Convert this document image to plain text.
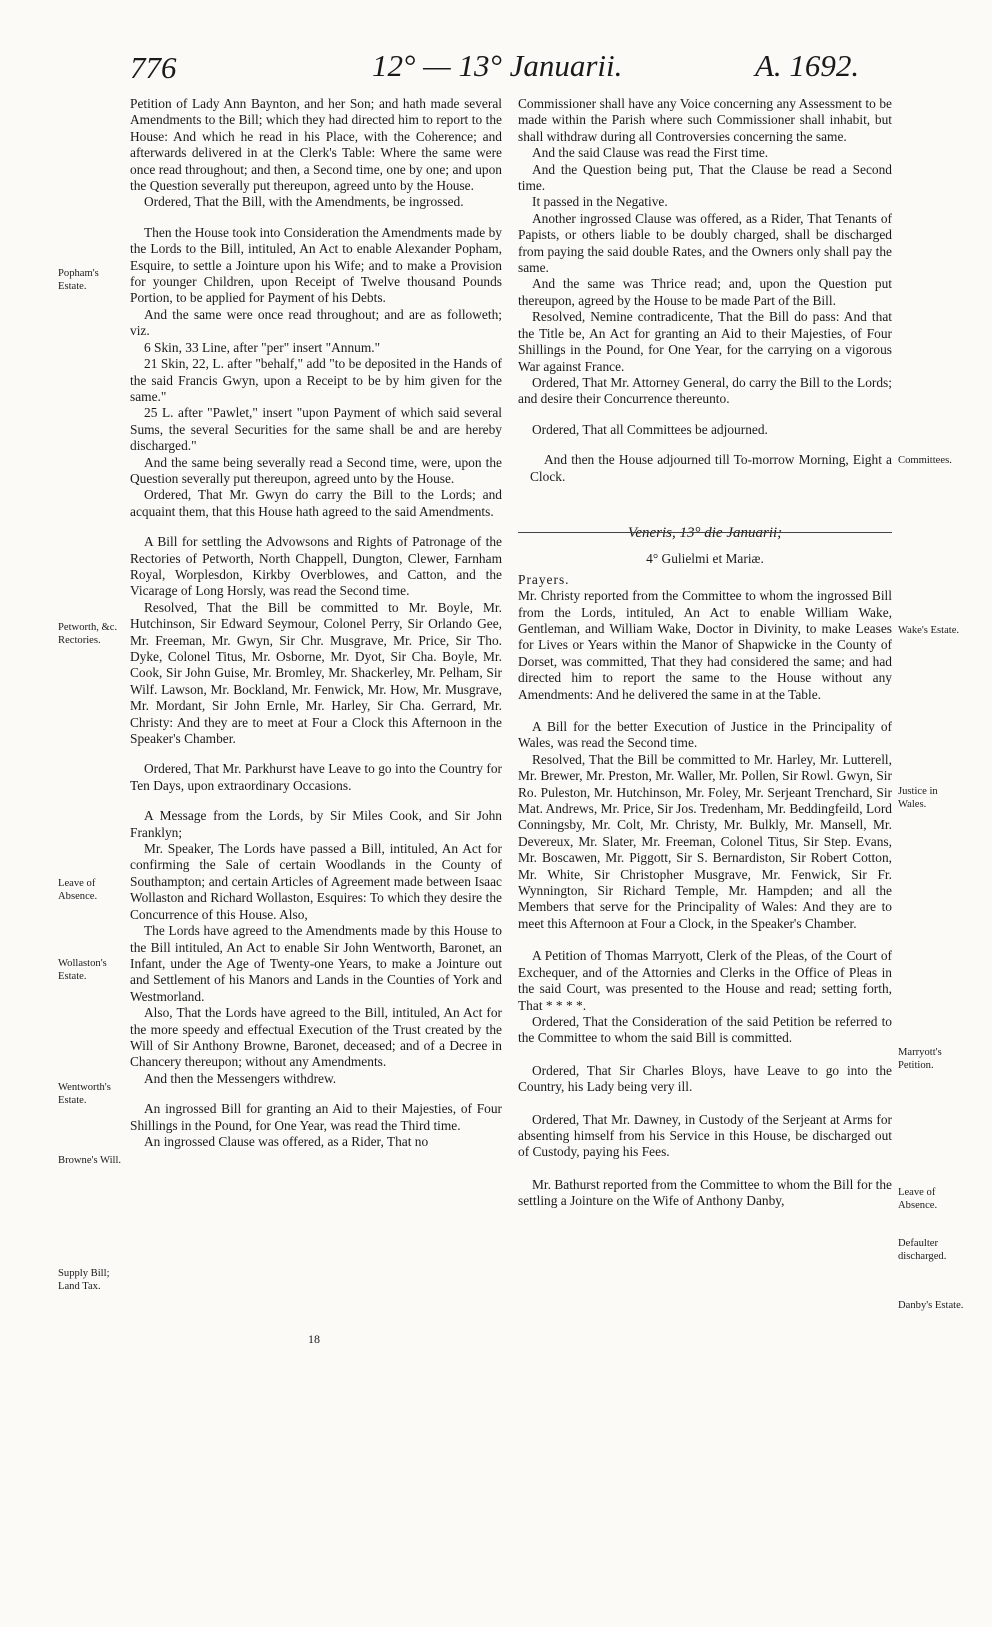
776	12° — 13° Januarii.	A. 1692.

Petition of Lady Ann Baynton, and her Son; and hath made several Amendments to the Bill; which they had directed him to report to the House: And which he read in his Place, with the Coherence; and afterwards delivered in at the Clerk's Table: Where the same were once read throughout; and then, a Second time, one by one; and upon the Question severally put thereupon, agreed unto by the House.

Ordered, That the Bill, with the Amendments, be ingrossed.

Then the House took into Consideration the Amendments made by the Lords to the Bill, intituled, An Act to enable Alexander Popham, Esquire, to settle a Jointure upon his Wife; and to make a Provision for younger Children, upon Receipt of Twelve thousand Pounds Portion, to be applied for Payment of his Debts.

And the same were once read throughout; and are as followeth; viz.

6 Skin, 33 Line, after "per" insert "Annum."

21 Skin, 22, L. after "behalf," add "to be deposited in the Hands of the said Francis Gwyn, upon a Receipt to be by him given for the same."

25 L. after "Pawlet," insert "upon Payment of which said several Sums, the several Securities for the same shall be and are hereby discharged."

And the same being severally read a Second time, were, upon the Question severally put thereupon, agreed unto by the House.

Ordered, That Mr. Gwyn do carry the Bill to the Lords; and acquaint them, that this House hath agreed to the said Amendments.

A Bill for settling the Advowsons and Rights of Patronage of the Rectories of Petworth, North Chappell, Dungton, Clewer, Farnham Royal, Worplesdon, Kirkby Overblowes, and Catton, and the Vicarage of Long Horsly, was read the Second time.

Resolved, That the Bill be committed to Mr. Boyle, Mr. Hutchinson, Sir Edward Seymour, Colonel Perry, Sir Orlando Gee, Mr. Freeman, Mr. Gwyn, Sir Chr. Musgrave, Mr. Price, Sir Tho. Dyke, Colonel Titus, Mr. Osborne, Mr. Dyot, Sir Cha. Boyle, Mr. Cook, Sir John Guise, Mr. Bromley, Mr. Shackerley, Mr. Pelham, Sir Wilf. Lawson, Mr. Bockland, Mr. Fenwick, Mr. How, Mr. Musgrave, Mr. Mordant, Sir John Ernle, Mr. Harley, Sir Cha. Gerrard, Mr. Christy: And they are to meet at Four a Clock this Afternoon in the Speaker's Chamber.

Ordered, That Mr. Parkhurst have Leave to go into the Country for Ten Days, upon extraordinary Occasions.

A Message from the Lords, by Sir Miles Cook, and Sir John Franklyn;

Mr. Speaker, The Lords have passed a Bill, intituled, An Act for confirming the Sale of certain Woodlands in the County of Southampton; and certain Articles of Agreement made between Isaac Wollaston and Richard Wollaston, Esquires: To which they desire the Concurrence of this House. Also,

The Lords have agreed to the Amendments made by this House to the Bill intituled, An Act to enable Sir John Wentworth, Baronet, an Infant, under the Age of Twenty-one Years, to make a Jointure out and Settlement of his Manors and Lands in the Counties of York and Westmorland.

Also, That the Lords have agreed to the Bill, intituled, An Act for the more speedy and effectual Execution of the Trust created by the Will of Sir Anthony Browne, Baronet, deceased; and of a Decree in Chancery thereupon; without any Amendments.

And then the Messengers withdrew.

An ingrossed Bill for granting an Aid to their Majesties, of Four Shillings in the Pound, for One Year, was read the Third time.

An ingrossed Clause was offered, as a Rider, That no

Popham's Estate.
Petworth, &c. Rectories.
Leave of Absence.
Wollaston's Estate.
Wentworth's Estate.
Browne's Will.
Supply Bill; Land Tax.

Commissioner shall have any Voice concerning any Assessment to be made within the Parish where such Commissioner shall inhabit, but shall withdraw during all Controversies concerning the same.

And the said Clause was read the First time.

And the Question being put, That the Clause be read a Second time.

It passed in the Negative.

Another ingrossed Clause was offered, as a Rider, That Tenants of Papists, or others liable to be doubly charged, shall be discharged from paying the said double Rates, and the Owners only shall pay the same.

And the same was Thrice read; and, upon the Question put thereupon, agreed by the House to be made Part of the Bill.

Resolved, Nemine contradicente, That the Bill do pass: And that the Title be, An Act for granting an Aid to their Majesties, of Four Shillings in the Pound, for One Year, for the carrying on a vigorous War against France.

Ordered, That Mr. Attorney General, do carry the Bill to the Lords; and desire their Concurrence thereunto.

Ordered, That all Committees be adjourned.

And then the House adjourned till To-morrow Morning, Eight a Clock.

Veneris, 13° die Januarii;

4° Gulielmi et Mariæ.

Prayers.

Mr. Christy reported from the Committee to whom the ingrossed Bill from the Lords, intituled, An Act to enable William Wake, Gentleman, and William Wake, Doctor in Divinity, to make Leases for Lives or Years within the Manor of Shapwicke in the County of Dorset, was committed, That they had considered the same; and had directed him to report the same to the House without any Amendments: And he delivered the same in at the Table.

A Bill for the better Execution of Justice in the Principality of Wales, was read the Second time.

Resolved, That the Bill be committed to Mr. Harley, Mr. Lutterell, Mr. Brewer, Mr. Preston, Mr. Waller, Mr. Pollen, Sir Rowl. Gwyn, Sir Ro. Puleston, Mr. Hutchinson, Mr. Foley, Mr. Serjeant Trenchard, Sir Mat. Andrews, Mr. Price, Sir Jos. Tredenham, Mr. Beddingfeild, Lord Conningsby, Mr. Colt, Mr. Christy, Mr. Bulkly, Mr. Mansell, Mr. Devereux, Mr. Slater, Mr. Freeman, Colonel Titus, Sir Step. Evans, Mr. Boscawen, Mr. Piggott, Sir S. Bernardiston, Sir Robert Cotton, Mr. White, Sir Christopher Musgrave, Mr. Fenwick, Sir Fr. Wynnington, Sir Richard Temple, Mr. Hampden; and all the Members that serve for the Principality of Wales: And they are to meet this Afternoon at Four a Clock, in the Speaker's Chamber.

A Petition of Thomas Marryott, Clerk of the Pleas, of the Court of Exchequer, and of the Attornies and Clerks in the Office of Pleas in the said Court, was presented to the House and read; setting forth, That * * * *.

Ordered, That the Consideration of the said Petition be referred to the Committee to whom the said Bill is committed.

Ordered, That Sir Charles Bloys, have Leave to go into the Country, his Lady being very ill.

Ordered, That Mr. Dawney, in Custody of the Serjeant at Arms for absenting himself from his Service in this House, be discharged out of Custody, paying his Fees.

Mr. Bathurst reported from the Committee to whom the Bill for the settling a Jointure on the Wife of Anthony Danby,

Committees.
Wake's Estate.
Justice in Wales.
Marryott's Petition.
Leave of Absence.
Defaulter discharged.
Danby's Estate.
18
